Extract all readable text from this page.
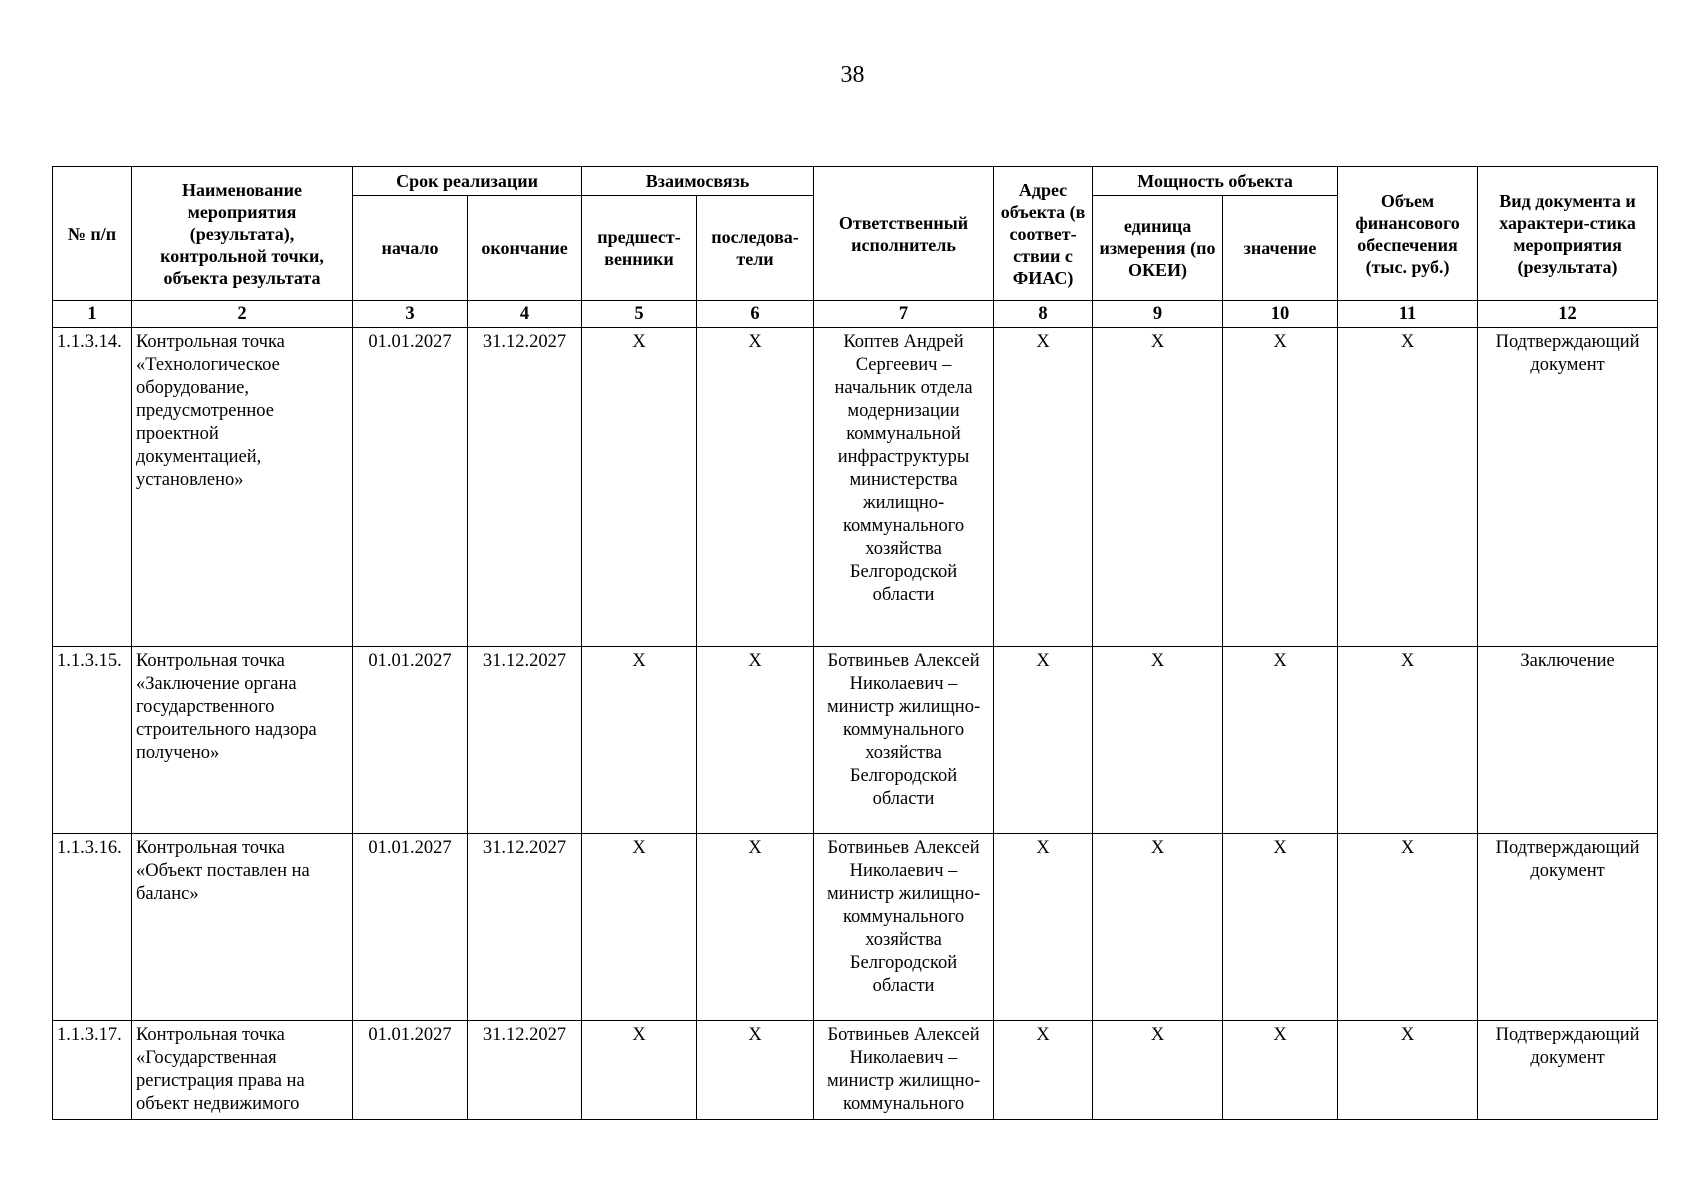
38
№ п/п	Наименование мероприятия (результата), контрольной точки, объекта результата	Срок реализации		Взаимосвязь		Ответственный исполнитель	Адрес объекта (в соответ-ствии с ФИАС)	Мощность объекта		Объем финансового обеспечения (тыс. руб.)	Вид документа и характери-стика мероприятия (результата)
		начало	окончание	предшест-венники	последова-тели			единица измерения (по ОКЕИ)	значение		
1	2	3	4	5	6	7	8	9	10	11	12
1.1.3.14.	Контрольная точка «Технологическое оборудование, предусмотренное проектной документацией, установлено»	01.01.2027	31.12.2027	X	X	Коптев Андрей Сергеевич – начальник отдела модернизации коммунальной инфраструктуры министерства жилищно-коммунального хозяйства Белгородской области	X	X	X	X	Подтверждающий документ
1.1.3.15.	Контрольная точка «Заключение органа государственного строительного надзора получено»	01.01.2027	31.12.2027	X	X	Ботвиньев Алексей Николаевич – министр жилищно-коммунального хозяйства Белгородской области	X	X	X	X	Заключение
1.1.3.16.	Контрольная точка «Объект поставлен на баланс»	01.01.2027	31.12.2027	X	X	Ботвиньев Алексей Николаевич – министр жилищно-коммунального хозяйства Белгородской области	X	X	X	X	Подтверждающий документ
1.1.3.17.	Контрольная точка «Государственная регистрация права на объект недвижимого	01.01.2027	31.12.2027	X	X	Ботвиньев Алексей Николаевич – министр жилищно-коммунального	X	X	X	X	Подтверждающий документ
